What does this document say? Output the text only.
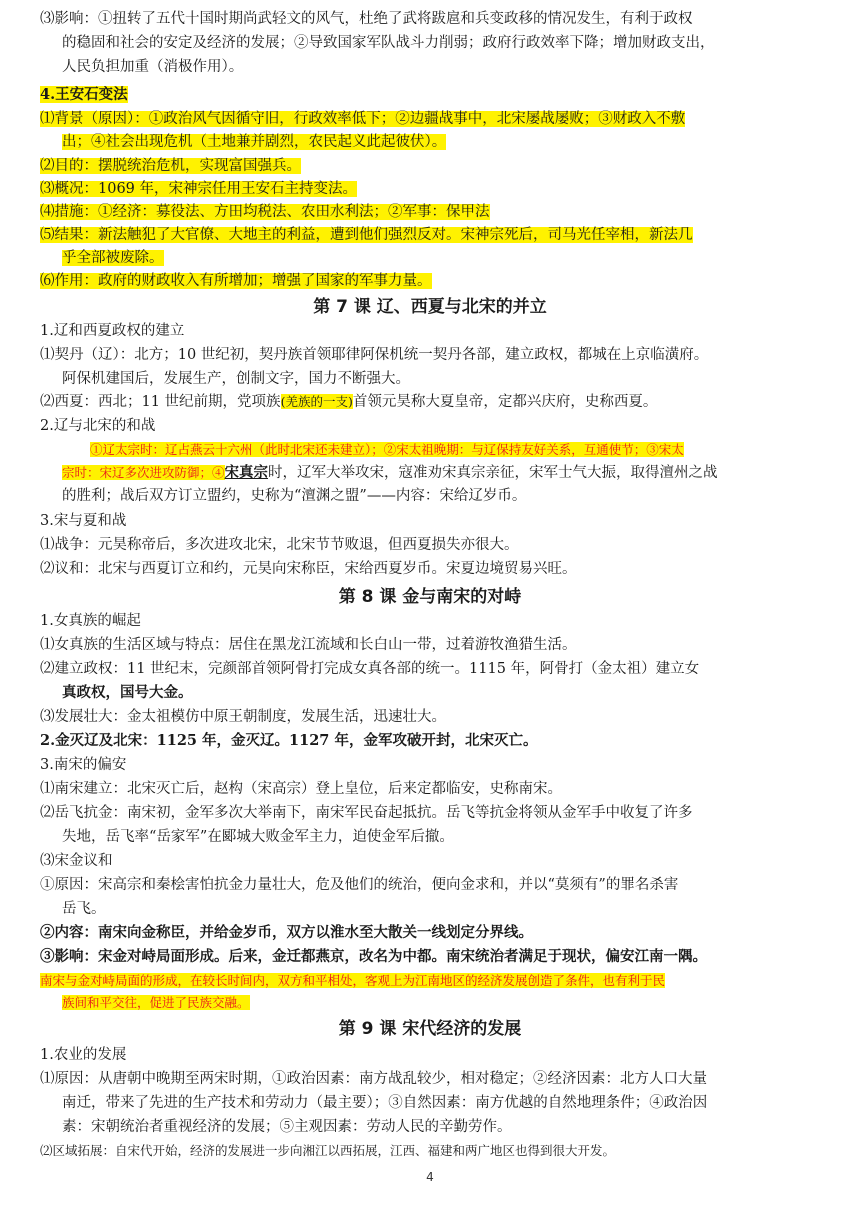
⑶影响：①扭转了五代十国时期尚武轻文的风气，杜绝了武将跋扈和兵变政移的情况发生，有利于政权
的稳固和社会的安定及经济的发展；②导致国家军队战斗力削弱；政府行政效率下降；增加财政支出，
人民负担加重（消极作用）。
4.王安石变法
⑴背景（原因）：①政治风气因循守旧，行政效率低下；②边疆战事中，北宋屡战屡败；③财政入不敷
出；④社会出现危机（土地兼并剧烈，农民起义此起彼伏）。
⑵目的：摆脱统治危机，实现富国强兵。
⑶概况：1069 年，宋神宗任用王安石主持变法。
⑷措施：①经济：募役法、方田均税法、农田水利法；②军事：保甲法
⑸结果：新法触犯了大官僚、大地主的利益，遭到他们强烈反对。宋神宗死后，司马光任宰相，新法几
乎全部被废除。
⑹作用：政府的财政收入有所增加；增强了国家的军事力量。
第 7 课 辽、西夏与北宋的并立
1.辽和西夏政权的建立
⑴契丹（辽）：北方；10 世纪初，契丹族首领耶律阿保机统一契丹各部，建立政权，都城在上京临潢府。
阿保机建国后，发展生产，创制文字，国力不断强大。
⑵西夏：西北；11 世纪前期，党项族(羌族的一支)首领元昊称大夏皇帝，定都兴庆府，史称西夏。
2.辽与北宋的和战
①辽太宗时：辽占燕云十六州（此时北宋还未建立）；②宋太祖晚期：与辽保持友好关系，互通使节；③宋太
宗时：宋辽多次进攻防御；④宋真宗时，辽军大举攻宋，寇准劝宋真宗亲征，宋军士气大振，取得澶州之战
的胜利；战后双方订立盟约，史称为“澶渊之盟”——内容：宋给辽岁币。
3.宋与夏和战
⑴战争：元昊称帝后，多次进攻北宋，北宋节节败退，但西夏损失亦很大。
⑵议和：北宋与西夏订立和约，元昊向宋称臣，宋给西夏岁币。宋夏边境贸易兴旺。
第 8 课 金与南宋的对峙
1.女真族的崛起
⑴女真族的生活区域与特点：居住在黑龙江流域和长白山一带，过着游牧渔猎生活。
⑵建立政权：11 世纪末，完颜部首领阿骨打完成女真各部的统一。1115 年，阿骨打（金太祖）建立女
真政权，国号大金。
⑶发展壮大：金太祖模仿中原王朝制度，发展生活，迅速壮大。
2.金灭辽及北宋：1125 年，金灭辽。1127 年，金军攻破开封，北宋灭亡。
3.南宋的偏安
⑴南宋建立：北宋灭亡后，赵构（宋高宗）登上皇位，后来定都临安，史称南宋。
⑵岳飞抗金：南宋初，金军多次大举南下，南宋军民奋起抵抗。岳飞等抗金将领从金军手中收复了许多
失地，岳飞率“岳家军”在郾城大败金军主力，迫使金军后撤。
⑶宋金议和
①原因：宋高宗和秦桧害怕抗金力量壮大，危及他们的统治，便向金求和，并以“莫须有”的罪名杀害
岳飞。
②内容：南宋向金称臣，并给金岁币，双方以淮水至大散关一线划定分界线。
③影响：宋金对峙局面形成。后来，金迁都燕京，改名为中都。南宋统治者满足于现状，偏安江南一隅。
南宋与金对峙局面的形成，在较长时间内，双方和平相处，客观上为江南地区的经济发展创造了条件，也有利于民
族间和平交往，促进了民族交融。
第 9 课 宋代经济的发展
1.农业的发展
⑴原因：从唐朝中晚期至两宋时期，①政治因素：南方战乱较少，相对稳定；②经济因素：北方人口大量
南迁，带来了先进的生产技术和劳动力（最主要）；③自然因素：南方优越的自然地理条件；④政治因
素：宋朝统治者重视经济的发展；⑤主观因素：劳动人民的辛勤劳作。
⑵区域拓展：自宋代开始，经济的发展进一步向湘江以西拓展，江西、福建和两广地区也得到很大开发。
4
